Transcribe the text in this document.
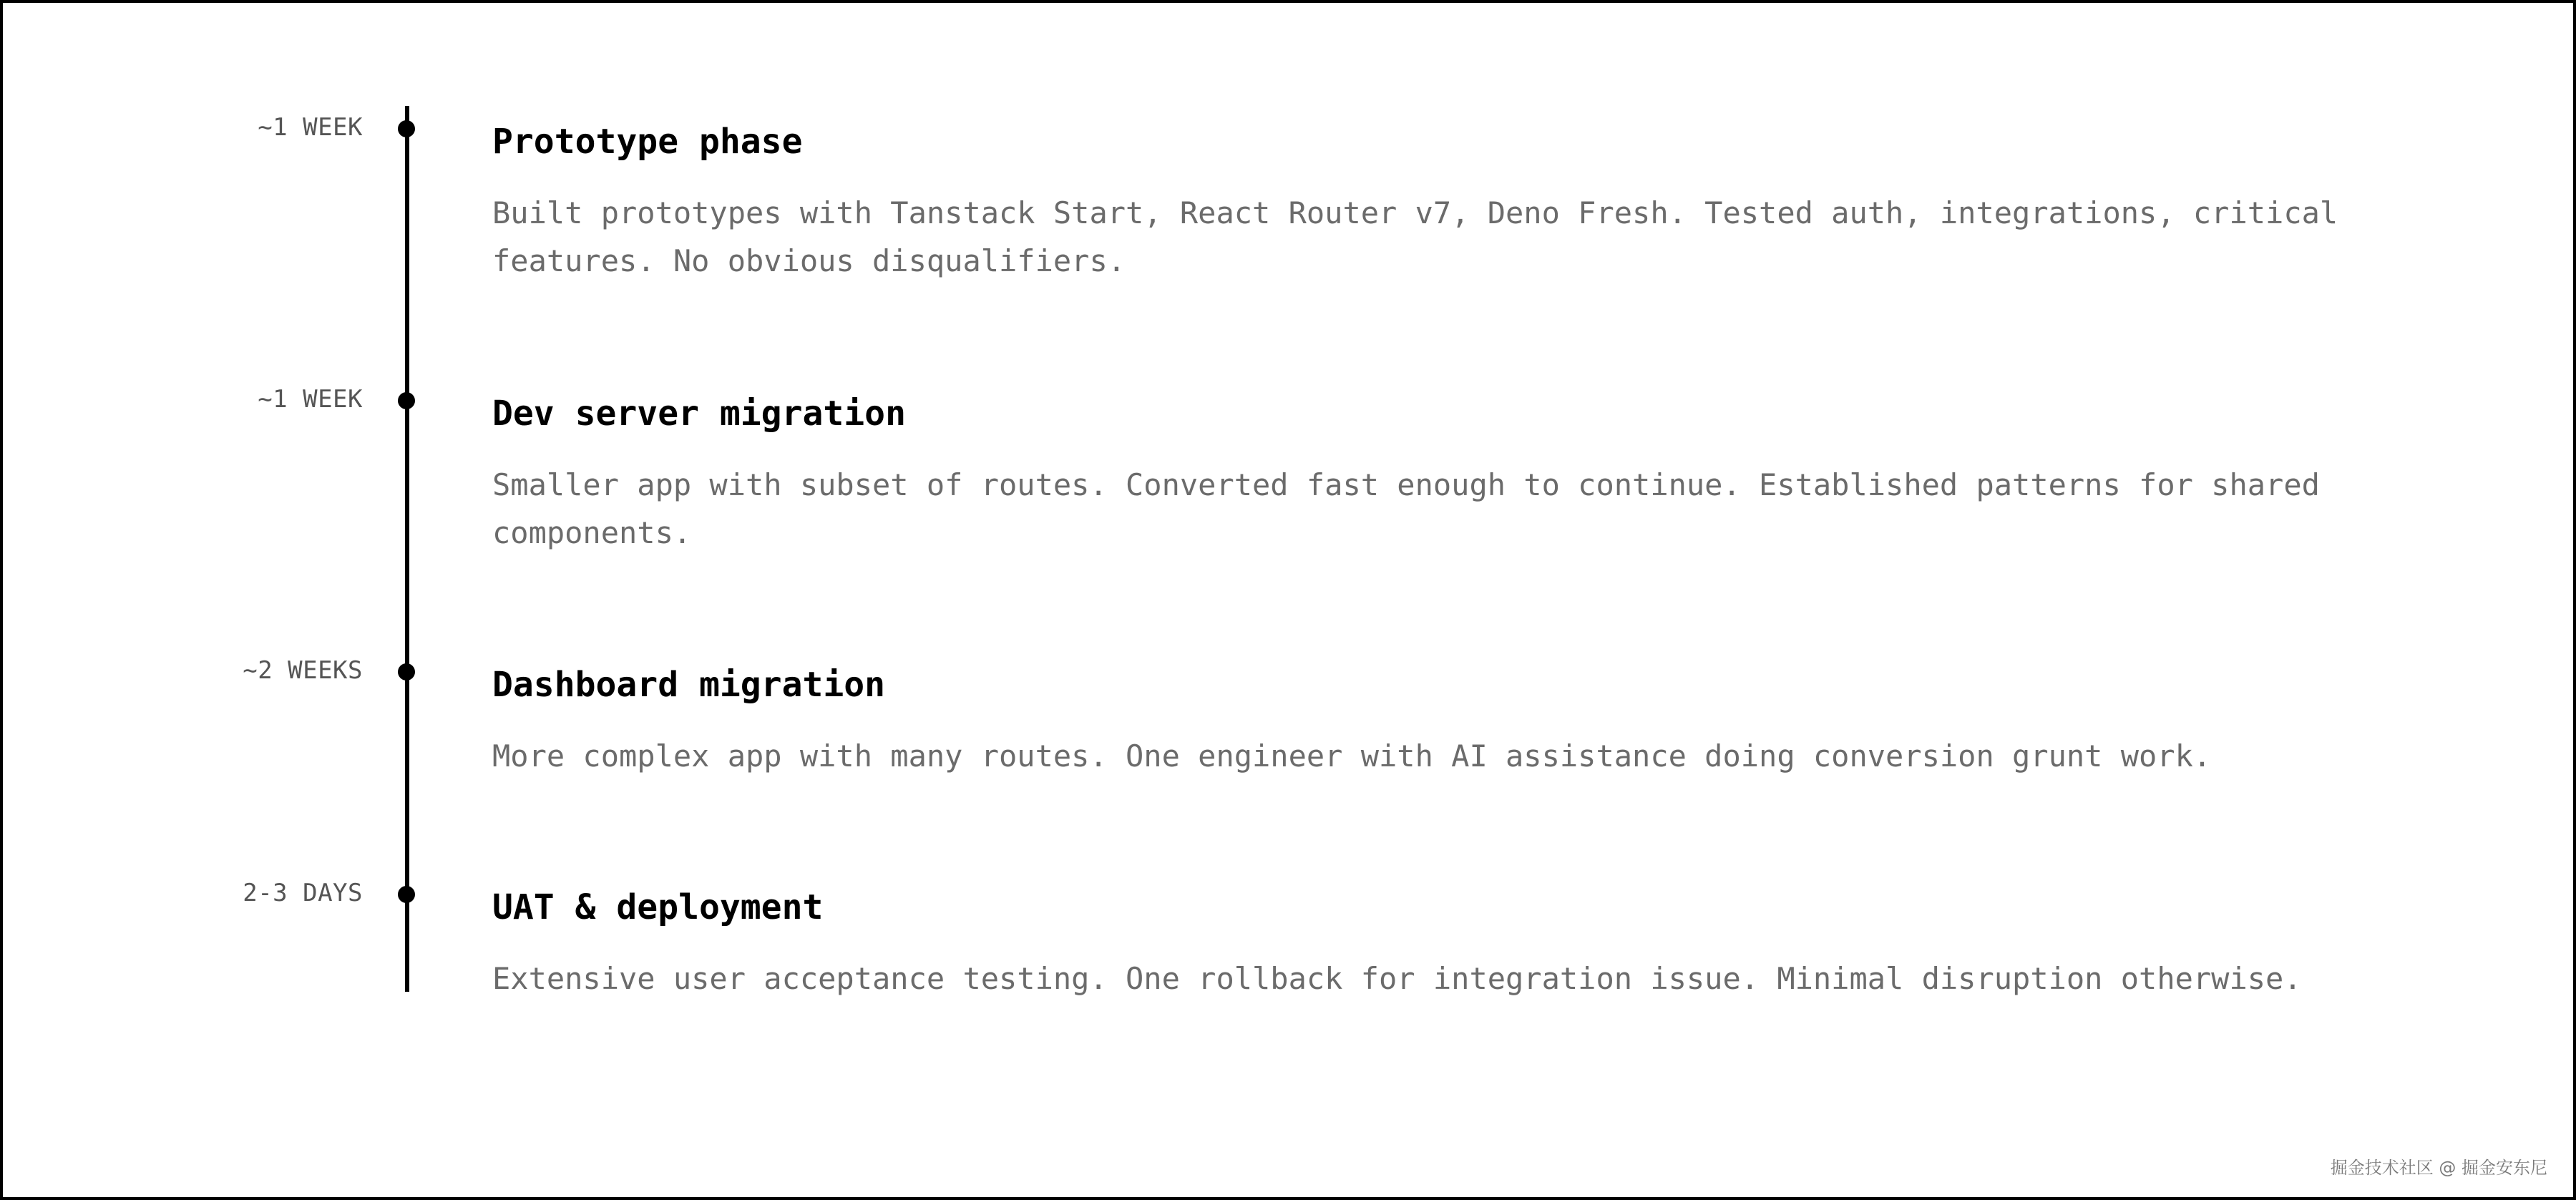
~1 WEEK	Prototype phase
Built prototypes with Tanstack Start, React Router v7, Deno Fresh. Tested auth, integrations, critical features. No obvious disqualifiers.
~1 WEEK	Dev server migration
Smaller app with subset of routes. Converted fast enough to continue. Established patterns for shared components.
~2 WEEKS	Dashboard migration
More complex app with many routes. One engineer with AI assistance doing conversion grunt work.
2-3 DAYS	UAT & deployment
Extensive user acceptance testing. One rollback for integration issue. Minimal disruption otherwise.
掘金技术社区 @ 掘金安东尼
